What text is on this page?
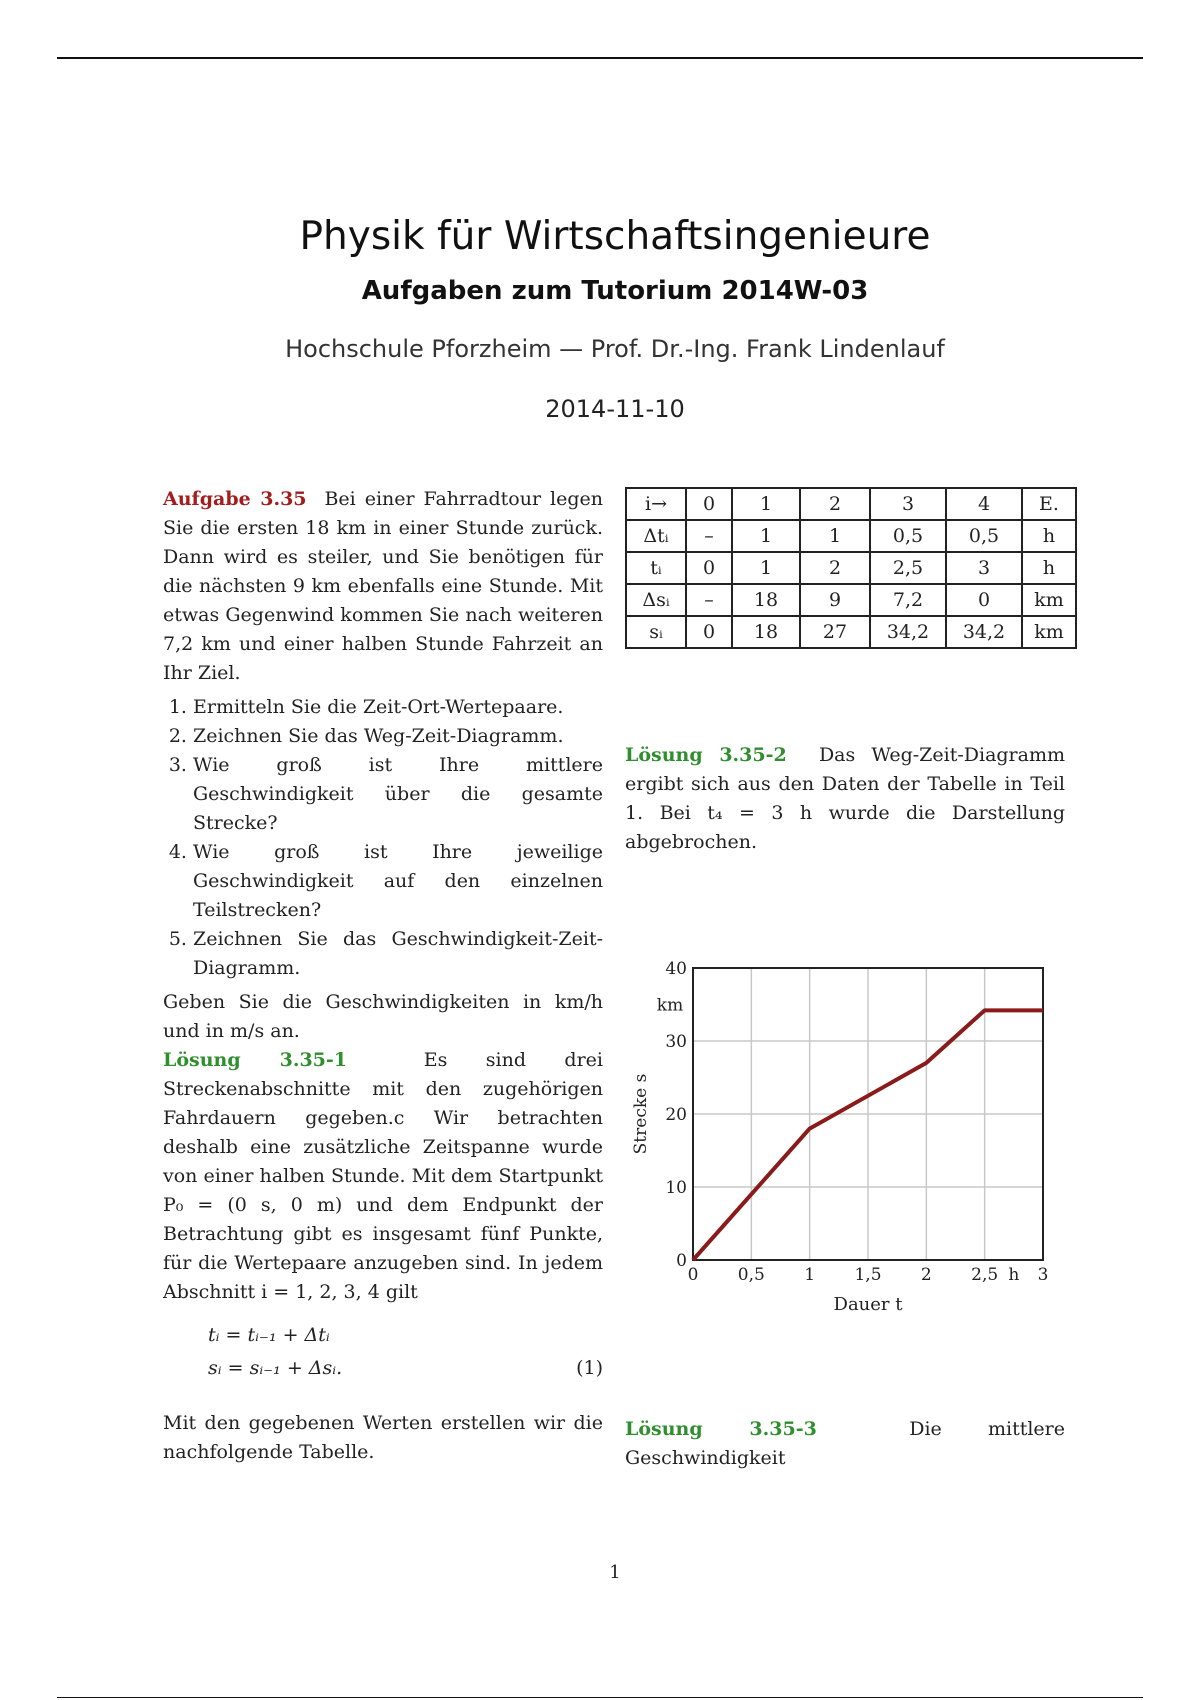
Physik für Wirtschaftsingenieure
Aufgaben zum Tutorium 2014W-03
Hochschule Pforzheim — Prof. Dr.-Ing. Frank Lindenlauf
2014-11-10

Aufgabe 3.35 Bei einer Fahrradtour legen Sie die ersten 18 km in einer Stunde zurück. Dann wird es steiler, und Sie benötigen für die nächsten 9 km ebenfalls eine Stunde. Mit etwas Gegenwind kommen Sie nach weiteren 7,2 km und einer halben Stunde Fahrzeit an Ihr Ziel.

1. Ermitteln Sie die Zeit-Ort-Wertepaare.
2. Zeichnen Sie das Weg-Zeit-Diagramm.
3. Wie groß ist Ihre mittlere Geschwindigkeit über die gesamte Strecke?
4. Wie groß ist Ihre jeweilige Geschwindigkeit auf den einzelnen Teilstrecken?
5. Zeichnen Sie das Geschwindigkeit-Zeit-Diagramm.

Geben Sie die Geschwindigkeiten in km/h und in m/s an.

Lösung 3.35-1	Es sind drei Streckenabschnitte mit den zugehörigen Fahrdauern gegeben.c Wir betrachten deshalb eine zusätzliche Zeitspanne wurde von einer halben Stunde. Mit dem Startpunkt P₀ = (0 s, 0 m) und dem Endpunkt der Betrachtung gibt es insgesamt fünf Punkte, für die Wertepaare anzugeben sind. In jedem Abschnitt i = 1, 2, 3, 4 gilt

tᵢ = tᵢ₋₁ + Δtᵢ
sᵢ = sᵢ₋₁ + Δsᵢ.	(1)

Mit den gegebenen Werten erstellen wir die nachfolgende Tabelle.

i→	0	1	2	3	4	E.
Δtᵢ	–	1	1	0,5	0,5	h
tᵢ	0	1	2	2,5	3	h
Δsᵢ	–	18	9	7,2	0	km
sᵢ	0	18	27	34,2	34,2	km
Lösung 3.35-2 Das Weg-Zeit-Diagramm ergibt sich aus den Daten der Tabelle in Teil 1. Bei t₄ = 3 h wurde die Darstellung abgebrochen.
0 0,5 1 1,5 2 2,5 3
0
10
20
30
40
h
km
Dauer t
Strecke s
Lösung 3.35-3	Die mittlere Geschwindigkeit
1
